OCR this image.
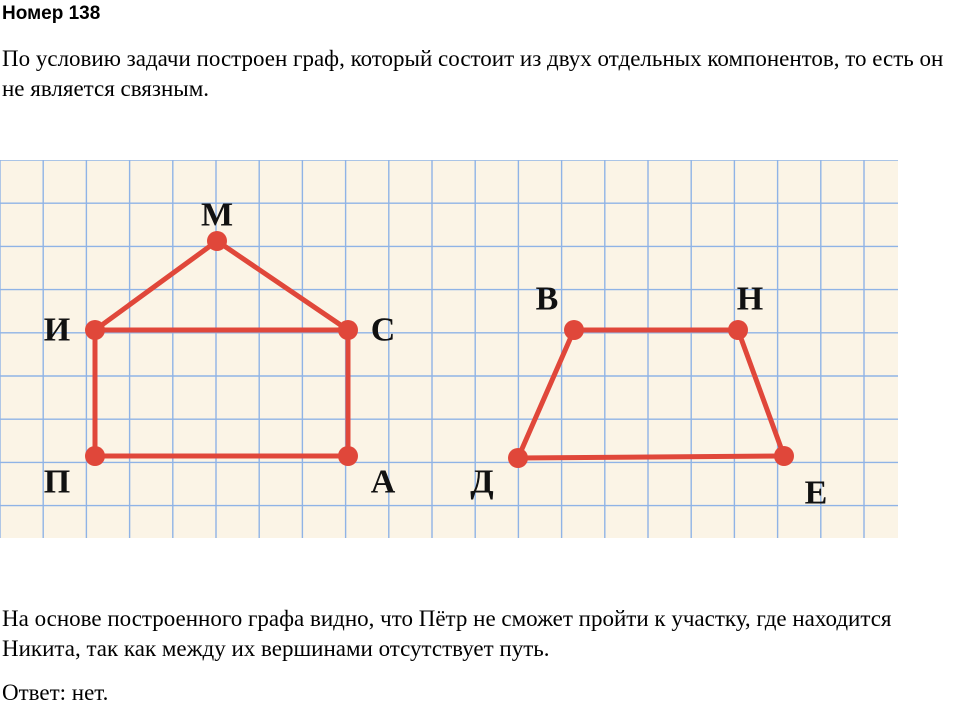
Номер 138

По условию задачи построен граф, который состоит из двух отдельных компонентов, то есть он не является связным.

М
И	С
П	А
В	Н
Д	Е

На основе построенного графа видно, что Пётр не сможет пройти к участку, где находится Никита, так как между их вершинами отсутствует путь.

Ответ: нет.
